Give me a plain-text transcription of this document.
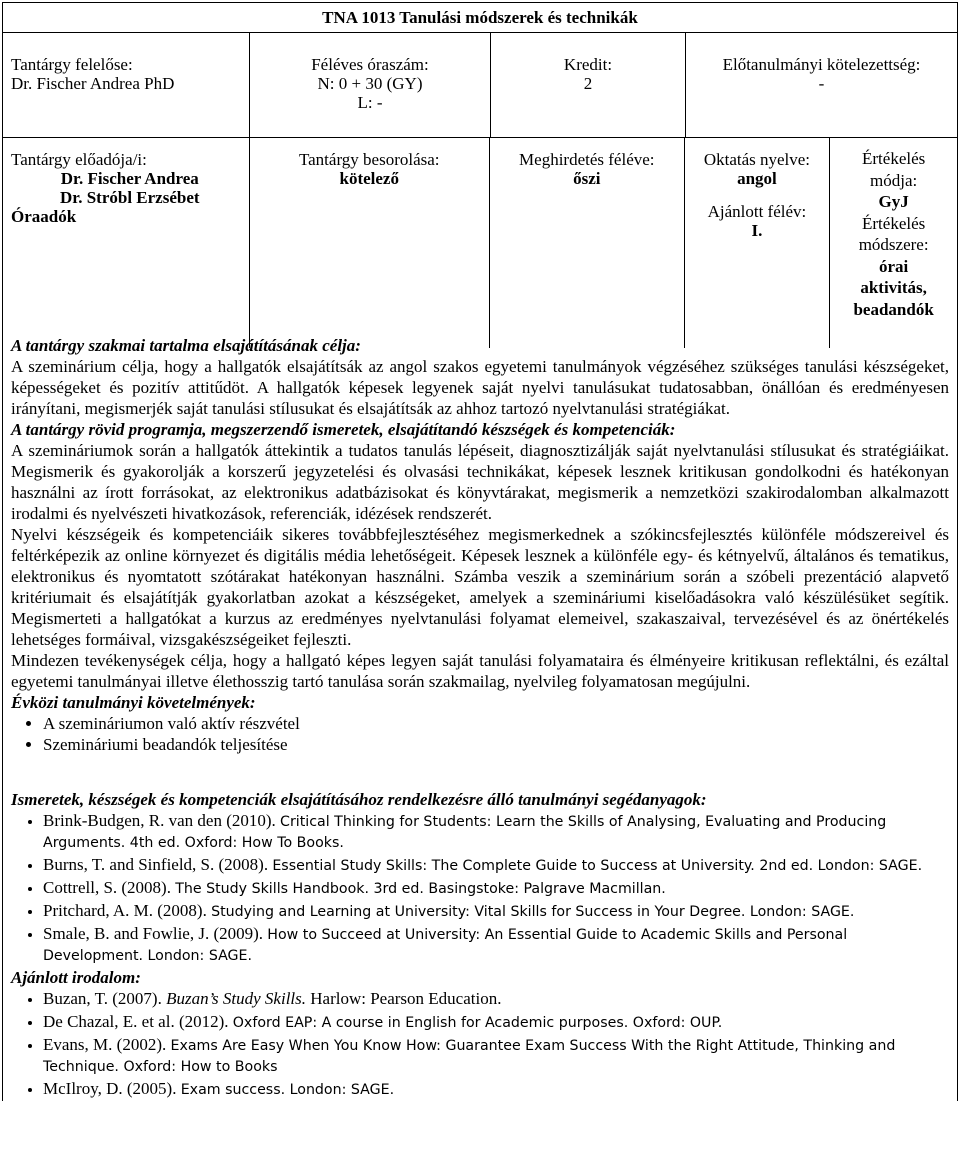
TNA 1013 Tanulási módszerek és technikák
Tantárgy felelőse:
Dr. Fischer Andrea PhD
Féléves óraszám:
N: 0 + 30 (GY)
L: -
Kredit:
2
Előtanulmányi kötelezettség:
-
Tantárgy előadója/i:
Dr. Fischer Andrea
Dr. Stróbl Erzsébet
Óraadók
Tantárgy besorolása:
kötelező
Meghirdetés féléve:
őszi
Oktatás nyelve:
angol
Ajánlott félév:
I.
Értékelés
módja:
GyJ
Értékelés
módszere:
órai
aktivitás,
beadandók
A tantárgy szakmai tartalma elsajátításának célja:

A szeminárium célja, hogy a hallgatók elsajátítsák az angol szakos egyetemi tanulmányok végzéséhez szükséges tanulási készségeket, képességeket és pozitív attitűdöt. A hallgatók képesek legyenek saját nyelvi tanulásukat tudatosabban, önállóan és eredményesen irányítani, megismerjék saját tanulási stílusukat és elsajátítsák az ahhoz tartozó nyelvtanulási stratégiákat.

A tantárgy rövid programja, megszerzendő ismeretek, elsajátítandó készségek és kompetenciák:

A szemináriumok során a hallgatók áttekintik a tudatos tanulás lépéseit, diagnosztizálják saját nyelvtanulási stílusukat és stratégiáikat. Megismerik és gyakorolják a korszerű jegyzetelési és olvasási technikákat, képesek lesznek kritikusan gondolkodni és hatékonyan használni az írott forrásokat, az elektronikus adatbázisokat és könyvtárakat, megismerik a nemzetközi szakirodalomban alkalmazott irodalmi és nyelvészeti hivatkozások, referenciák, idézések rendszerét.

Nyelvi készségeik és kompetenciáik sikeres továbbfejlesztéséhez megismerkednek a szókincsfejlesztés különféle módszereivel és feltérképezik az online környezet és digitális média lehetőségeit. Képesek lesznek a különféle egy- és kétnyelvű, általános és tematikus, elektronikus és nyomtatott szótárakat hatékonyan használni. Számba veszik a szeminárium során a szóbeli prezentáció alapvető kritériumait és elsajátítják gyakorlatban azokat a készségeket, amelyek a szemináriumi kiselőadásokra való készülésüket segítik. Megismerteti a hallgatókat a kurzus az eredményes nyelvtanulási folyamat elemeivel, szakaszaival, tervezésével és az önértékelés lehetséges formáival, vizsgakészségeiket fejleszti.

Mindezen tevékenységek célja, hogy a hallgató képes legyen saját tanulási folyamataira és élményeire kritikusan reflektálni, és ezáltal egyetemi tanulmányai illetve élethosszig tartó tanulása során szakmailag, nyelvileg folyamatosan megújulni.

Évközi tanulmányi követelmények:
• A szemináriumon való aktív részvétel
• Szemináriumi beadandók teljesítése
Ismeretek, készségek és kompetenciák elsajátításához rendelkezésre álló tanulmányi segédanyagok:
• Brink-Budgen, R. van den (2010). Critical Thinking for Students: Learn the Skills of Analysing, Evaluating and Producing Arguments. 4th ed. Oxford: How To Books.
• Burns, T. and Sinfield, S. (2008). Essential Study Skills: The Complete Guide to Success at University. 2nd ed. London: SAGE.
• Cottrell, S. (2008). The Study Skills Handbook. 3rd ed. Basingstoke: Palgrave Macmillan.
• Pritchard, A. M. (2008). Studying and Learning at University: Vital Skills for Success in Your Degree. London: SAGE.
• Smale, B. and Fowlie, J. (2009). How to Succeed at University: An Essential Guide to Academic Skills and Personal Development. London: SAGE.
Ajánlott irodalom:
• Buzan, T. (2007). Buzan’s Study Skills. Harlow: Pearson Education.
• De Chazal, E. et al. (2012). Oxford EAP: A course in English for Academic purposes. Oxford: OUP.
• Evans, M. (2002). Exams Are Easy When You Know How: Guarantee Exam Success With the Right Attitude, Thinking and Technique. Oxford: How to Books
• McIlroy, D. (2005). Exam success. London: SAGE.
